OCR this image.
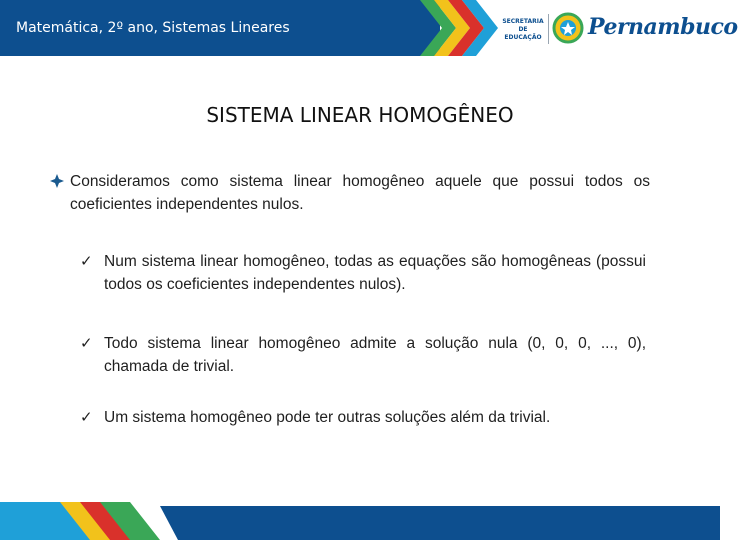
Matemática, 2º ano, Sistemas Lineares	SECRETARIA
DE EDUCAÇÃO Pernambuco
SISTEMA LINEAR HOMOGÊNEO
Consideramos como sistema linear homogêneo aquele que possui todos os coeficientes independentes nulos.
✓ Num sistema linear homogêneo, todas as equações são homogêneas (possui todos os coeficientes independentes nulos).
✓ Todo sistema linear homogêneo admite a solução nula (0, 0, 0, ..., 0), chamada de trivial.
✓ Um sistema homogêneo pode ter outras soluções além da trivial.
